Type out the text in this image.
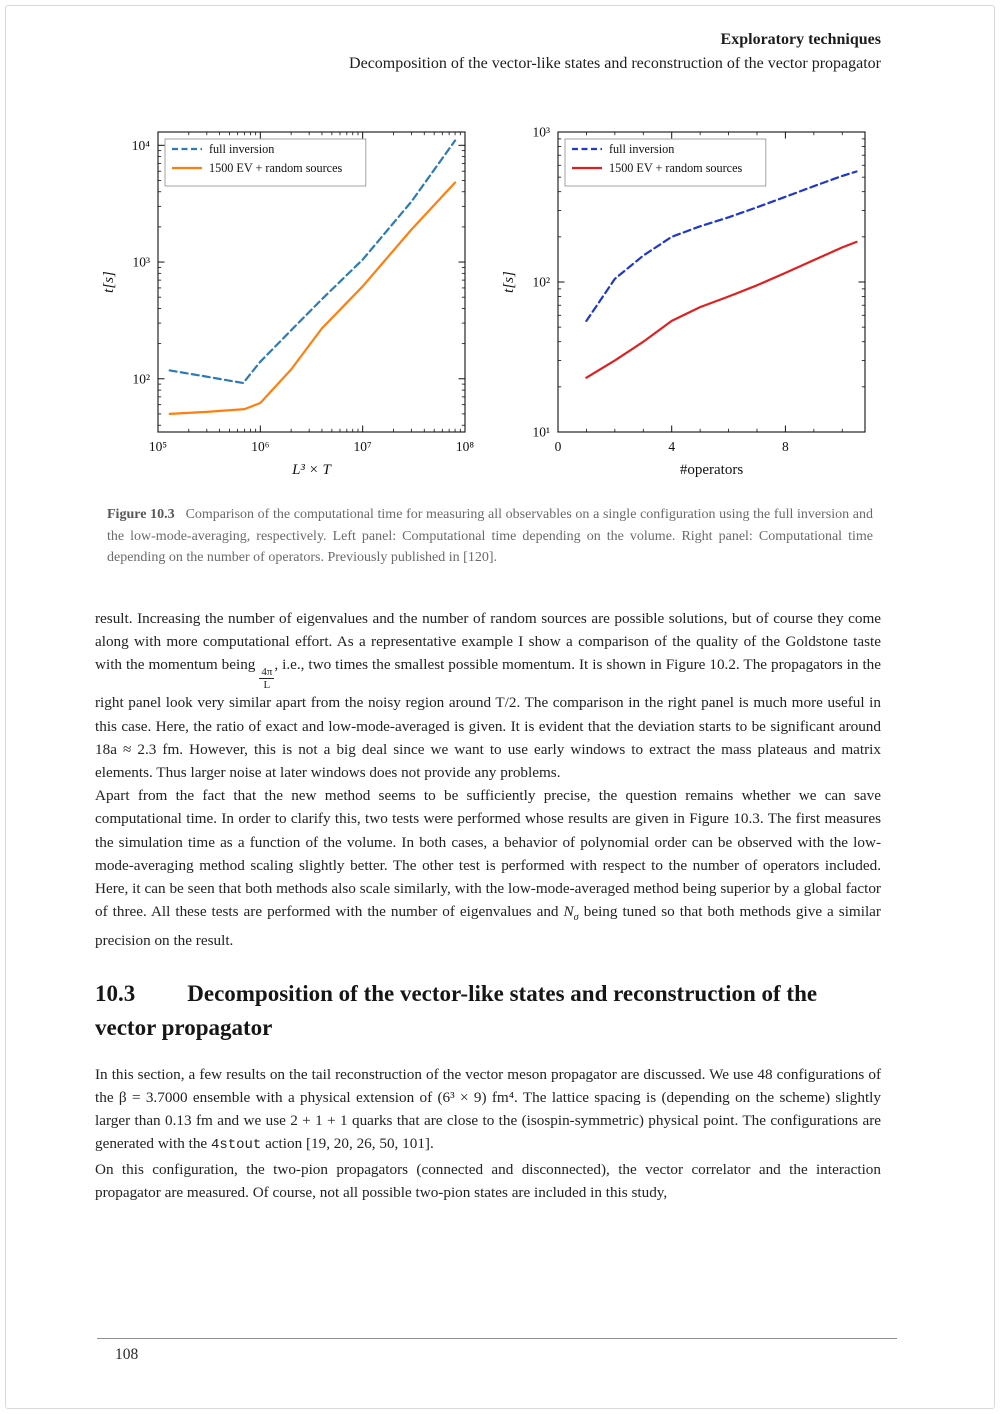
Exploratory techniques
Decomposition of the vector-like states and reconstruction of the vector propagator
10⁵	10⁶	10⁷	10⁸
10²
10³
10⁴	full inversion
1500 EV + random sources
L³ × T
t[s]
0	4	8
10¹
10²
10³
full inversion
1500 EV + random sources
#operators
t[s]

Figure 10.3 Comparison of the computational time for measuring all observables on a single configuration using the full inversion and the low-mode-averaging, respectively. Left panel: Computational time depending on the volume. Right panel: Computational time depending on the number of operators. Previously published in [120].

result. Increasing the number of eigenvalues and the number of random sources are possible solutions, but of course they come along with more computational effort. As a representative example I show a comparison of the quality of the Goldstone taste with the momentum being
$\frac{4\pi}{L}$
, i.e., two times the smallest possible momentum. It is shown in Figure 10.2. The propagators in the right panel look very similar apart from the noisy region around T/2. The comparison in the right panel is much more useful in this case. Here, the ratio of exact and low-mode-averaged is given. It is evident that the deviation starts to be significant around 18a ≈ 2.3 fm. However, this is not a big deal since we want to use early windows to extract the mass plateaus and matrix elements. Thus larger noise at later windows does not provide any problems.

Apart from the fact that the new method seems to be sufficiently precise, the question remains whether we can save computational time. In order to clarify this, two tests were performed whose results are given in Figure 10.3. The first measures the simulation time as a function of the volume. In both cases, a behavior of polynomial order can be observed with the low-mode-averaging method scaling slightly better. The other test is performed with respect to the number of operators included. Here, it can be seen that both methods also scale similarly, with the low-mode-averaged method being superior by a global factor of three. All these tests are performed with the number of eigenvalues and $N_\sigma$ being tuned so that both methods give a similar precision on the result.

10.3 Decomposition of the vector-like states and reconstruction of the vector propagator

In this section, a few results on the tail reconstruction of the vector meson propagator are discussed. We use 48 configurations of the β = 3.7000 ensemble with a physical extension of (6³ × 9) fm⁴. The lattice spacing is (depending on the scheme) slightly larger than 0.13 fm and we use 2 + 1 + 1 quarks that are close to the (isospin-symmetric) physical point. The configurations are generated with the 4stout action [19, 20, 26, 50, 101].

On this configuration, the two-pion propagators (connected and disconnected), the vector correlator and the interaction propagator are measured. Of course, not all possible two-pion states are included in this study,

108
